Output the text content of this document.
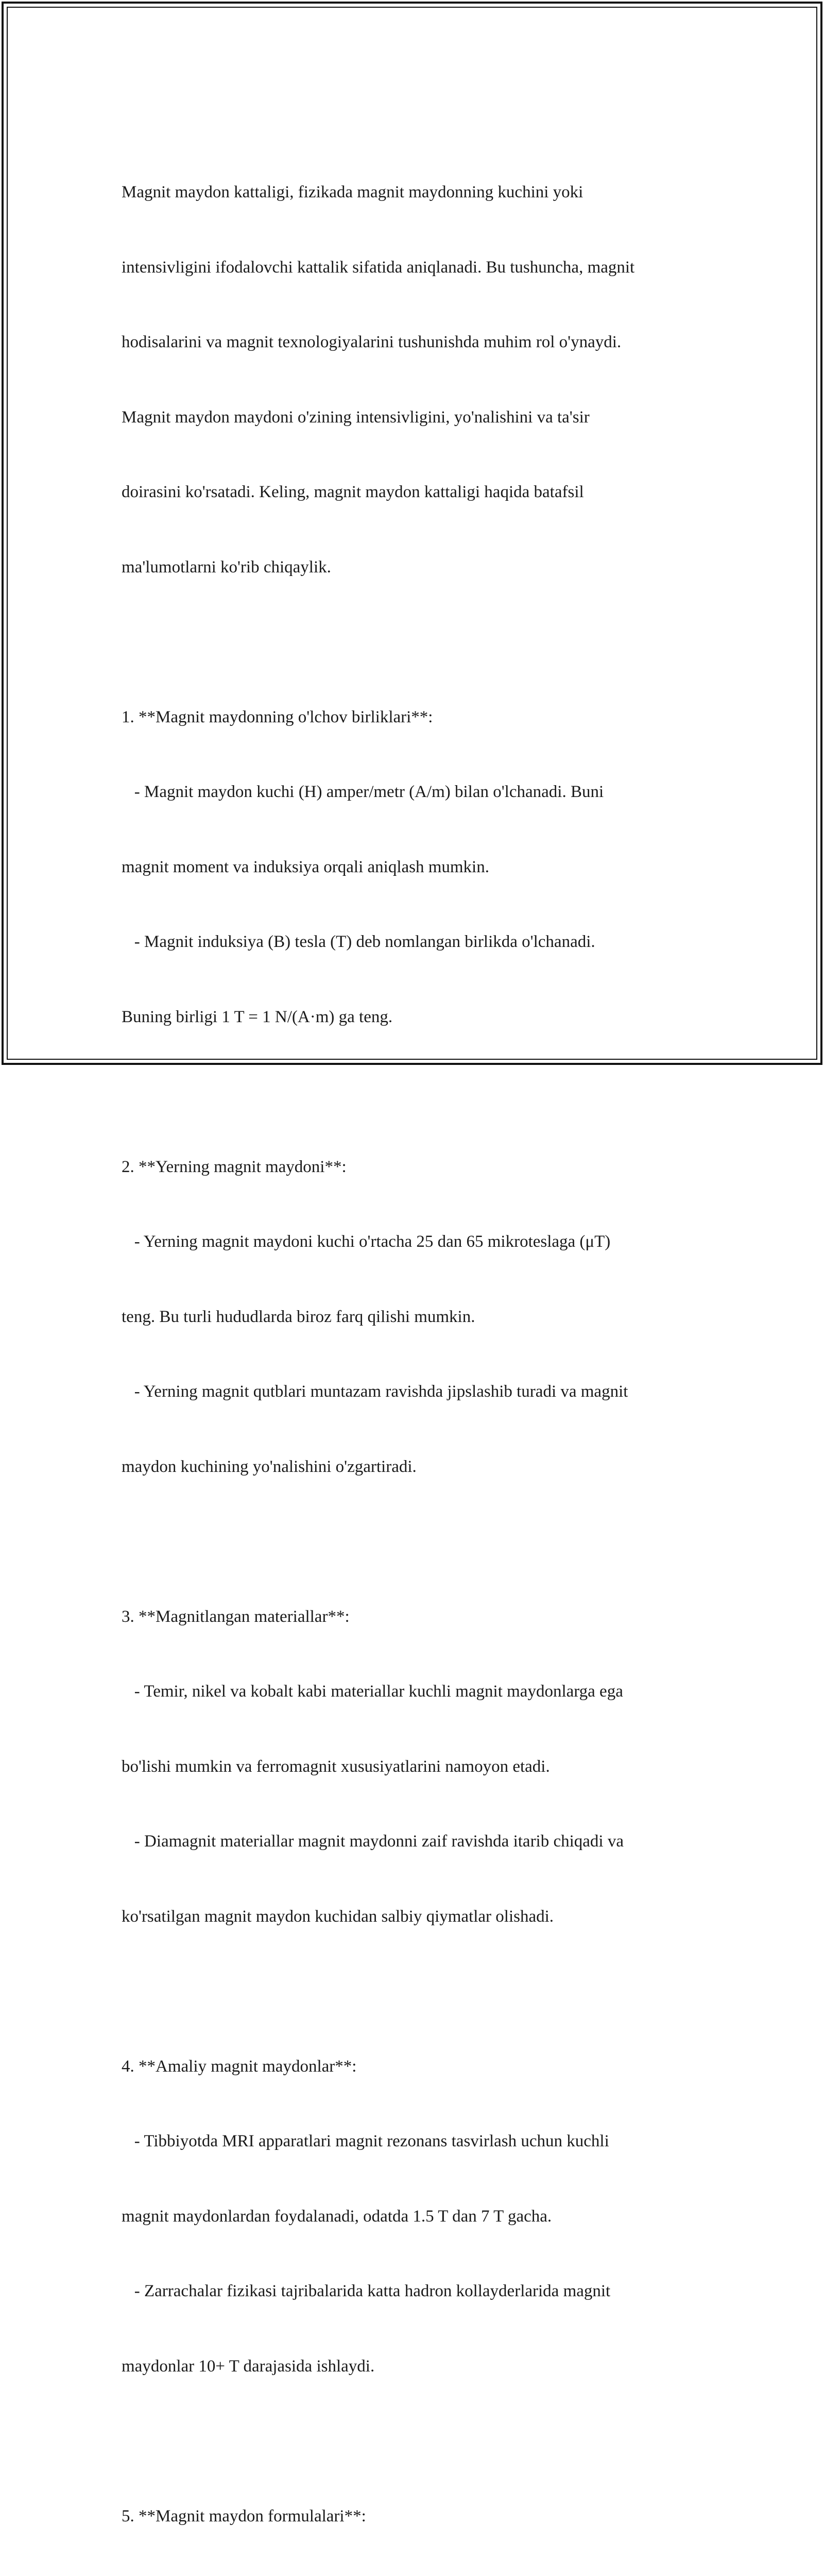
Magnit maydon kattaligi, fizikada magnit maydonning kuchini yoki

intensivligini ifodalovchi kattalik sifatida aniqlanadi. Bu tushuncha, magnit

hodisalarini va magnit texnologiyalarini tushunishda muhim rol o'ynaydi.

Magnit maydon maydoni o'zining intensivligini, yo'nalishini va ta'sir

doirasini ko'rsatadi. Keling, magnit maydon kattaligi haqida batafsil

ma'lumotlarni ko'rib chiqaylik.

1. **Magnit maydonning o'lchov birliklari**:

- Magnit maydon kuchi (H) amper/metr (A/m) bilan o'lchanadi. Buni

magnit moment va induksiya orqali aniqlash mumkin.

- Magnit induksiya (B) tesla (T) deb nomlangan birlikda o'lchanadi.

Buning birligi 1 T = 1 N/(A·m) ga teng.

2. **Yerning magnit maydoni**:

- Yerning magnit maydoni kuchi o'rtacha 25 dan 65 mikroteslaga (μT)

teng. Bu turli hududlarda biroz farq qilishi mumkin.

- Yerning magnit qutblari muntazam ravishda jipslashib turadi va magnit

maydon kuchining yo'nalishini o'zgartiradi.

3. **Magnitlangan materiallar**:

- Temir, nikel va kobalt kabi materiallar kuchli magnit maydonlarga ega

bo'lishi mumkin va ferromagnit xususiyatlarini namoyon etadi.

- Diamagnit materiallar magnit maydonni zaif ravishda itarib chiqadi va

ko'rsatilgan magnit maydon kuchidan salbiy qiymatlar olishadi.

4. **Amaliy magnit maydonlar**:

- Tibbiyotda MRI apparatlari magnit rezonans tasvirlash uchun kuchli

magnit maydonlardan foydalanadi, odatda 1.5 T dan 7 T gacha.

- Zarrachalar fizikasi tajribalarida katta hadron kollayderlarida magnit

maydonlar 10+ T darajasida ishlaydi.

5. **Magnit maydon formulalari**:
